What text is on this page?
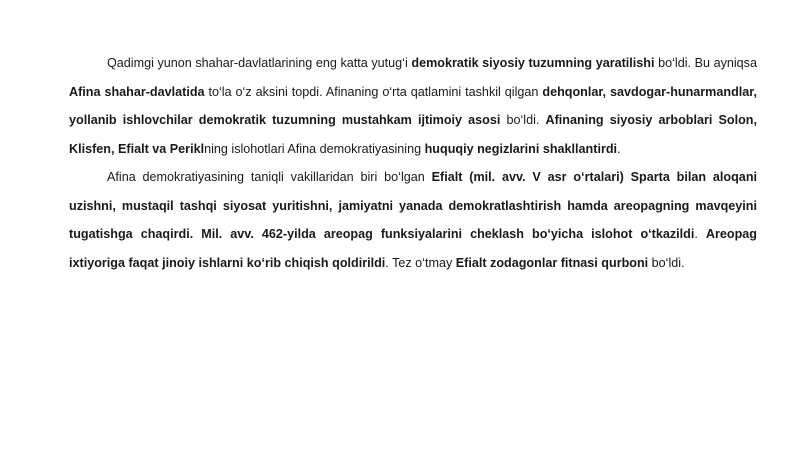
Qadimgi yunon shahar-davlatlarining eng katta yutug‘i demokratik siyosiy tuzumning yaratilishi bo‘ldi. Bu ayniqsa Afina shahar-davlatida to‘la o‘z aksini topdi. Afinaning o‘rta qatlamini tashkil qilgan dehqonlar, savdogar-hunarmandlar, yollanib ishlovchilar demokratik tuzumning mustahkam ijtimoiy asosi bo‘ldi. Afinaning siyosiy arboblari Solon, Klisfen, Efialt va Periklning islohotlari Afina demokratiyasining huquqiy negizlarini shakllantirdi.

Afina demokratiyasining taniqli vakillaridan biri bo‘lgan Efialt (mil. avv. V asr o‘rtalari) Sparta bilan aloqani uzishni, mustaqil tashqi siyosat yuritishni, jamiyatni yanada demokratlashtirish hamda areopagning mavqeyini tugatishga chaqirdi. Mil. avv. 462-yilda areopag funksiyalarini cheklash bo‘yicha islohot o‘tkazildi. Areopag ixtiyoriga faqat jinoiy ishlarni ko‘rib chiqish qoldirildi. Tez o‘tmay Efialt zodagonlar fitnasi qurboni bo‘ldi.
